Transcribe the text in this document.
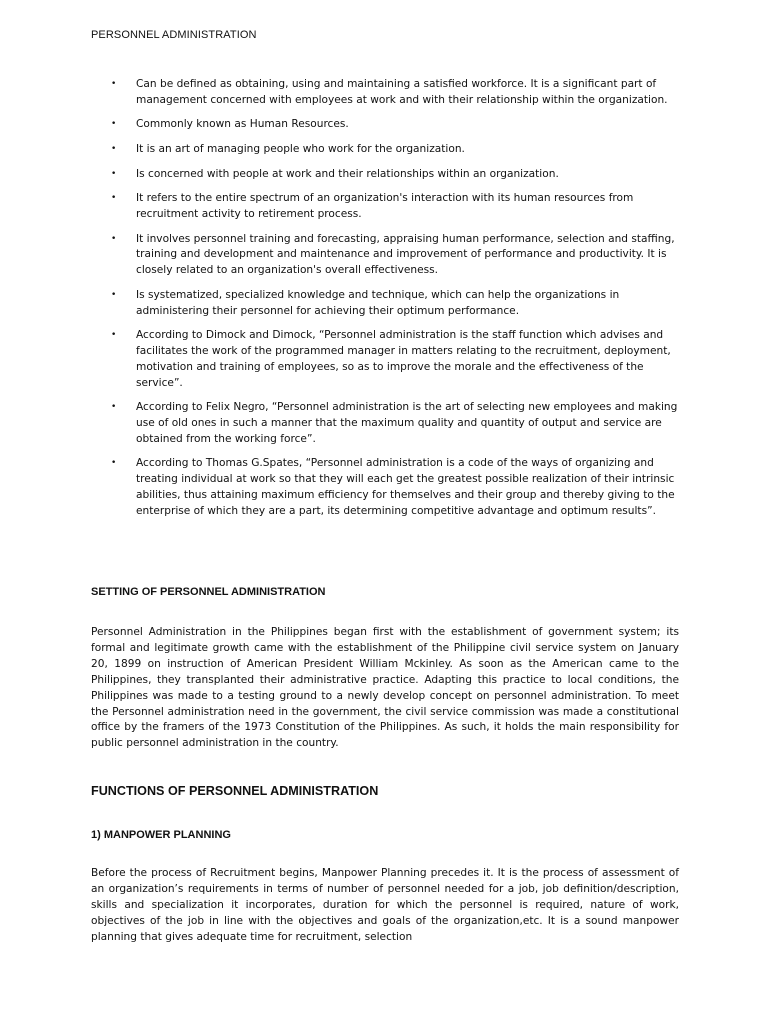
PERSONNEL ADMINISTRATION
• Can be defined as obtaining, using and maintaining a satisfied workforce. It is a significant part of management concerned with employees at work and with their relationship within the organization.
• Commonly known as Human Resources.
• It is an art of managing people who work for the organization.
• Is concerned with people at work and their relationships within an organization.
• It refers to the entire spectrum of an organization's interaction with its human resources from recruitment activity to retirement process.
• It involves personnel training and forecasting, appraising human performance, selection and staffing, training and development and maintenance and improvement of performance and productivity. It is closely related to an organization's overall effectiveness.
• Is systematized, specialized knowledge and technique, which can help the organizations in administering their personnel for achieving their optimum performance.
• According to Dimock and Dimock, “Personnel administration is the staff function which advises and facilitates the work of the programmed manager in matters relating to the recruitment, deployment, motivation and training of employees, so as to improve the morale and the effectiveness of the service”.
• According to Felix Negro, “Personnel administration is the art of selecting new employees and making use of old ones in such a manner that the maximum quality and quantity of output and service are obtained from the working force”.
• According to Thomas G.Spates, “Personnel administration is a code of the ways of organizing and treating individual at work so that they will each get the greatest possible realization of their intrinsic abilities, thus attaining maximum efficiency for themselves and their group and thereby giving to the enterprise of which they are a part, its determining competitive advantage and optimum results”.
SETTING OF PERSONNEL ADMINISTRATION

Personnel Administration in the Philippines began first with the establishment of government system; its formal and legitimate growth came with the establishment of the Philippine civil service system on January 20, 1899 on instruction of American President William Mckinley. As soon as the American came to the Philippines, they transplanted their administrative practice. Adapting this practice to local conditions, the Philippines was made to a testing ground to a newly develop concept on personnel administration. To meet the Personnel administration need in the government, the civil service commission was made a constitutional office by the framers of the 1973 Constitution of the Philippines. As such, it holds the main responsibility for public personnel administration in the country.

FUNCTIONS OF PERSONNEL ADMINISTRATION
1) MANPOWER PLANNING

Before the process of Recruitment begins, Manpower Planning precedes it. It is the process of assessment of an organization’s requirements in terms of number of personnel needed for a job, job definition/description, skills and specialization it incorporates, duration for which the personnel is required, nature of work, objectives of the job in line with the objectives and goals of the organization,etc. It is a sound manpower planning that gives adequate time for recruitment, selection
